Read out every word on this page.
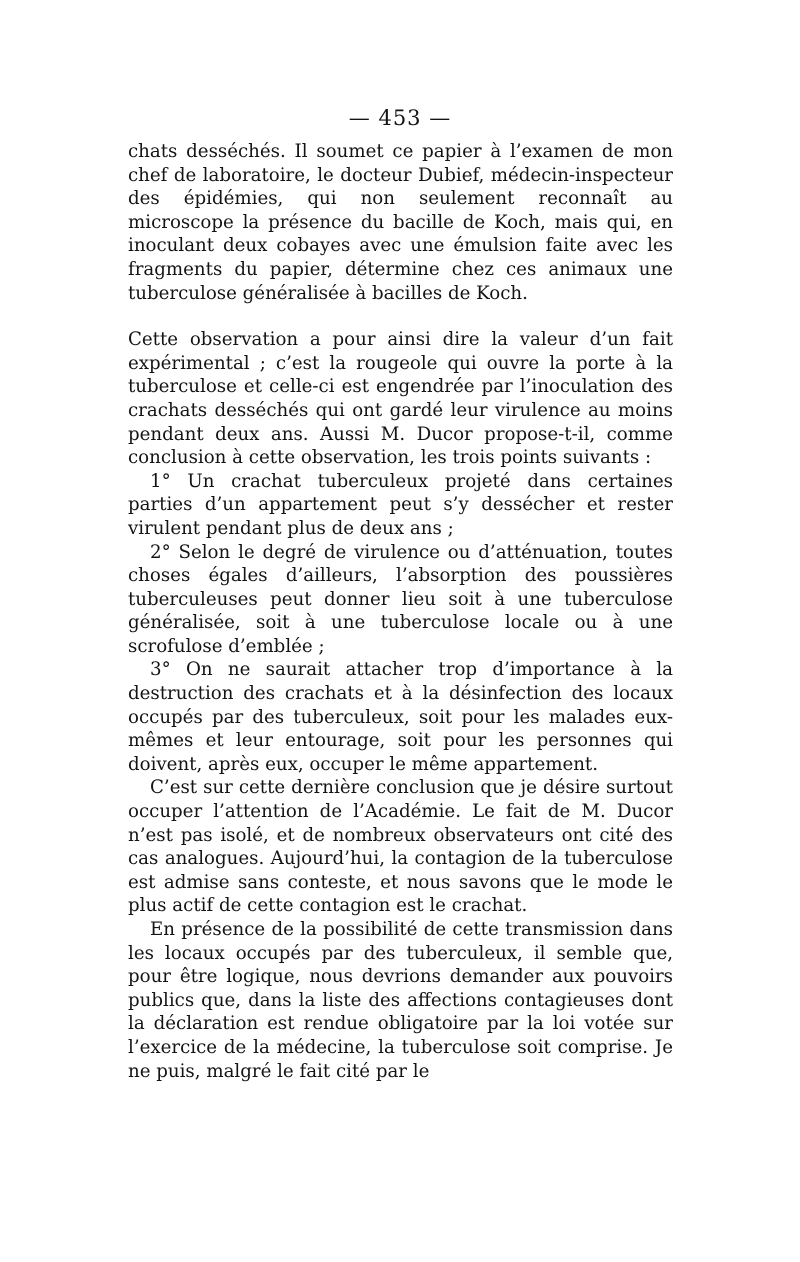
— 453 —

chats desséchés. Il soumet ce papier à l’examen de mon chef de laboratoire, le docteur Dubief, médecin-inspecteur des épidémies, qui non seulement reconnaît au microscope la présence du bacille de Koch, mais qui, en inoculant deux cobayes avec une émulsion faite avec les fragments du papier, détermine chez ces animaux une tuberculose généralisée à bacilles de Koch.

Cette observation a pour ainsi dire la valeur d’un fait expérimental ; c’est la rougeole qui ouvre la porte à la tuberculose et celle-ci est engendrée par l’inoculation des crachats desséchés qui ont gardé leur virulence au moins pendant deux ans. Aussi M. Ducor propose-t-il, comme conclusion à cette observation, les trois points suivants :

1° Un crachat tuberculeux projeté dans certaines parties d’un appartement peut s’y dessécher et rester virulent pendant plus de deux ans ;

2° Selon le degré de virulence ou d’atténuation, toutes choses égales d’ailleurs, l’absorption des poussières tuberculeuses peut donner lieu soit à une tuberculose généralisée, soit à une tuberculose locale ou à une scrofulose d’emblée ;

3° On ne saurait attacher trop d’importance à la destruction des crachats et à la désinfection des locaux occupés par des tuberculeux, soit pour les malades eux-mêmes et leur entourage, soit pour les personnes qui doivent, après eux, occuper le même appartement.

C’est sur cette dernière conclusion que je désire surtout occuper l’attention de l’Académie. Le fait de M. Ducor n’est pas isolé, et de nombreux observateurs ont cité des cas analogues. Aujourd’hui, la contagion de la tuberculose est admise sans conteste, et nous savons que le mode le plus actif de cette contagion est le crachat.

En présence de la possibilité de cette transmission dans les locaux occupés par des tuberculeux, il semble que, pour être logique, nous devrions demander aux pouvoirs publics que, dans la liste des affections contagieuses dont la déclaration est rendue obligatoire par la loi votée sur l’exercice de la médecine, la tuberculose soit comprise. Je ne puis, malgré le fait cité par le
